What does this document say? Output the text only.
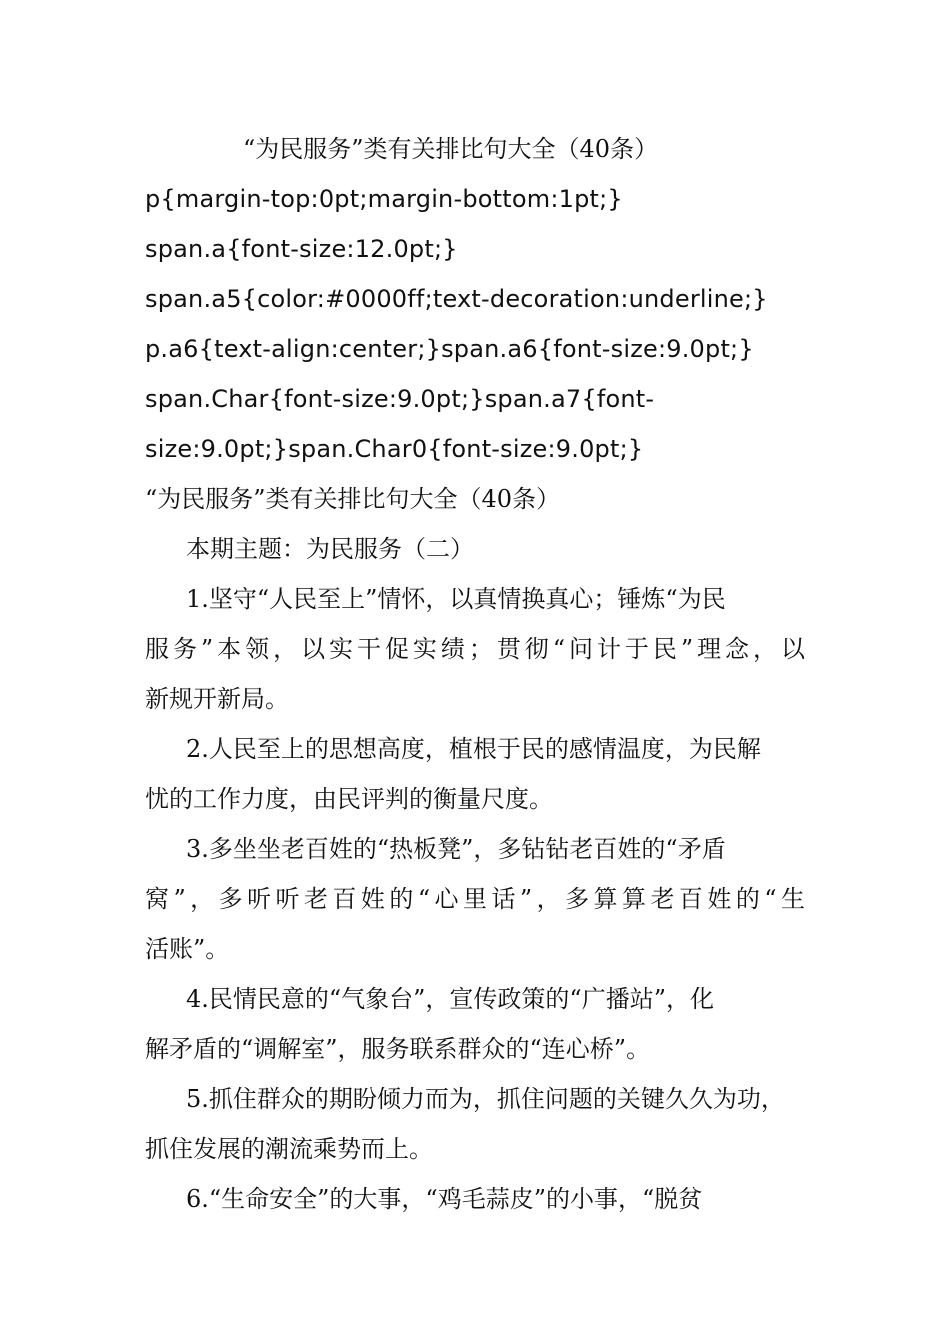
“为民服务”类有关排比句大全（40条）
p{margin-top:0pt;margin-bottom:1pt;}
span.a{font-size:12.0pt;}
span.a5{color:#0000ff;text-decoration:underline;}
p.a6{text-align:center;}span.a6{font-size:9.0pt;}
span.Char{font-size:9.0pt;}span.a7{font-
size:9.0pt;}span.Char0{font-size:9.0pt;}
“为民服务”类有关排比句大全（40条）
本期主题：为民服务（二）
1.坚守“人民至上”情怀，以真情换真心；锤炼“为民
服务”本领，以实干促实绩；贯彻“问计于民”理念，以
新规开新局。
2.人民至上的思想高度，植根于民的感情温度，为民解
忧的工作力度，由民评判的衡量尺度。
3.多坐坐老百姓的“热板凳”，多钻钻老百姓的“矛盾
窝”，多听听老百姓的“心里话”，多算算老百姓的“生
活账”。
4.民情民意的“气象台”，宣传政策的“广播站”，化
解矛盾的“调解室”，服务联系群众的“连心桥”。
5.抓住群众的期盼倾力而为，抓住问题的关键久久为功，
抓住发展的潮流乘势而上。
6.“生命安全”的大事，“鸡毛蒜皮”的小事，“脱贫
